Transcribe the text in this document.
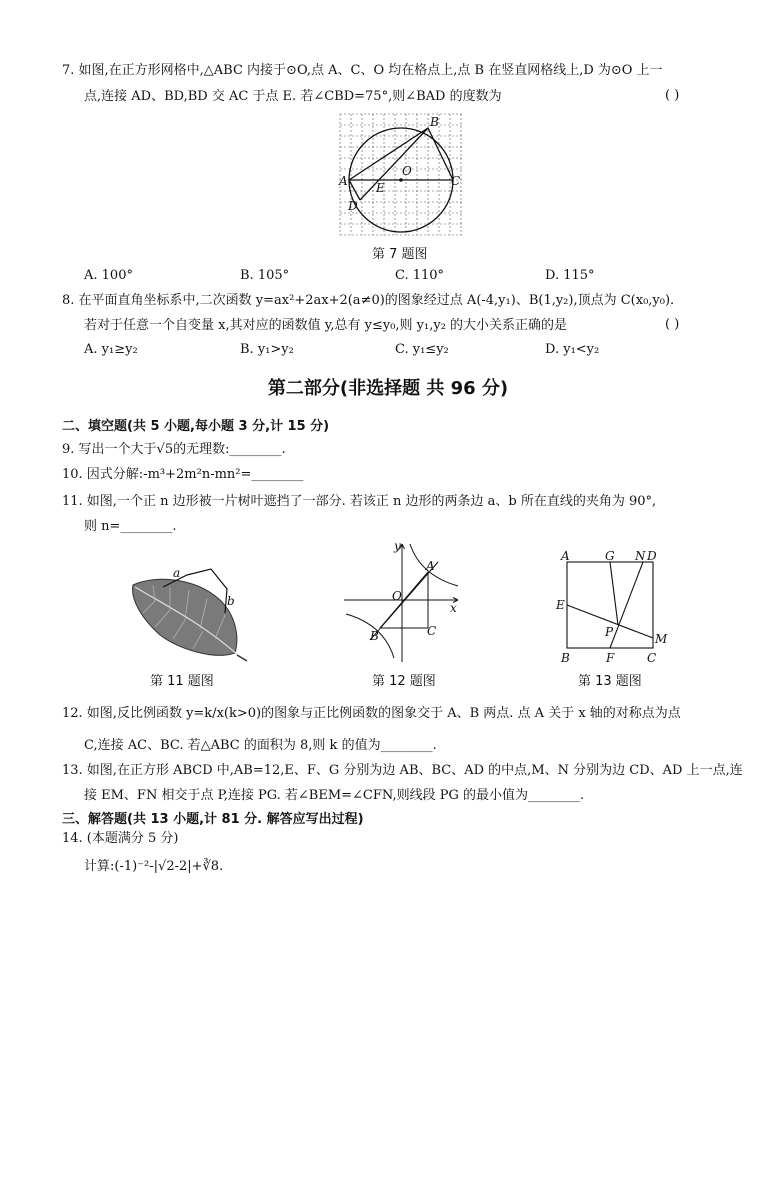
7. 如图,在正方形网格中,△ABC 内接于⊙O,点 A、C、O 均在格点上,点 B 在竖直网格线上,D 为⊙O 上一
点,连接 AD、BD,BD 交 AC 于点 E. 若∠CBD=75°,则∠BAD 的度数为	( )
B
A
O
E	C
D
第 7 题图
A. 100°	B. 105°	C. 110°	D. 115°
8. 在平面直角坐标系中,二次函数 y=ax²+2ax+2(a≠0)的图象经过点 A(-4,y₁)、B(1,y₂),顶点为 C(x₀,y₀).
若对于任意一个自变量 x,其对应的函数值 y,总有 y≤y₀,则 y₁,y₂ 的大小关系正确的是	( )
A. y₁≥y₂	B. y₁>y₂	C. y₁≤y₂	D. y₁<y₂
第二部分(非选择题 共 96 分)
二、填空题(共 5 小题,每小题 3 分,计 15 分)
9. 写出一个大于√5的无理数:________.
10. 因式分解:-m³+2m²n-mn²=________
11. 如图,一个正 n 边形被一片树叶遮挡了一部分. 若该正 n 边形的两条边 a、b 所在直线的夹角为 90°,
则 n=________.
a
b
第 11 题图
y
x
O
A
B	C
第 12 题图
A	G N D
E
P	M
B	F	C
第 13 题图
12. 如图,反比例函数 y=k/x(k>0)的图象与正比例函数的图象交于 A、B 两点. 点 A 关于 x 轴的对称点为点
C,连接 AC、BC. 若△ABC 的面积为 8,则 k 的值为________.
13. 如图,在正方形 ABCD 中,AB=12,E、F、G 分别为边 AB、BC、AD 的中点,M、N 分别为边 CD、AD 上一点,连
接 EM、FN 相交于点 P,连接 PG. 若∠BEM=∠CFN,则线段 PG 的最小值为________.
三、解答题(共 13 小题,计 81 分. 解答应写出过程)
14. (本题满分 5 分)
计算:(-1)⁻²-|√2-2|+∛8.
